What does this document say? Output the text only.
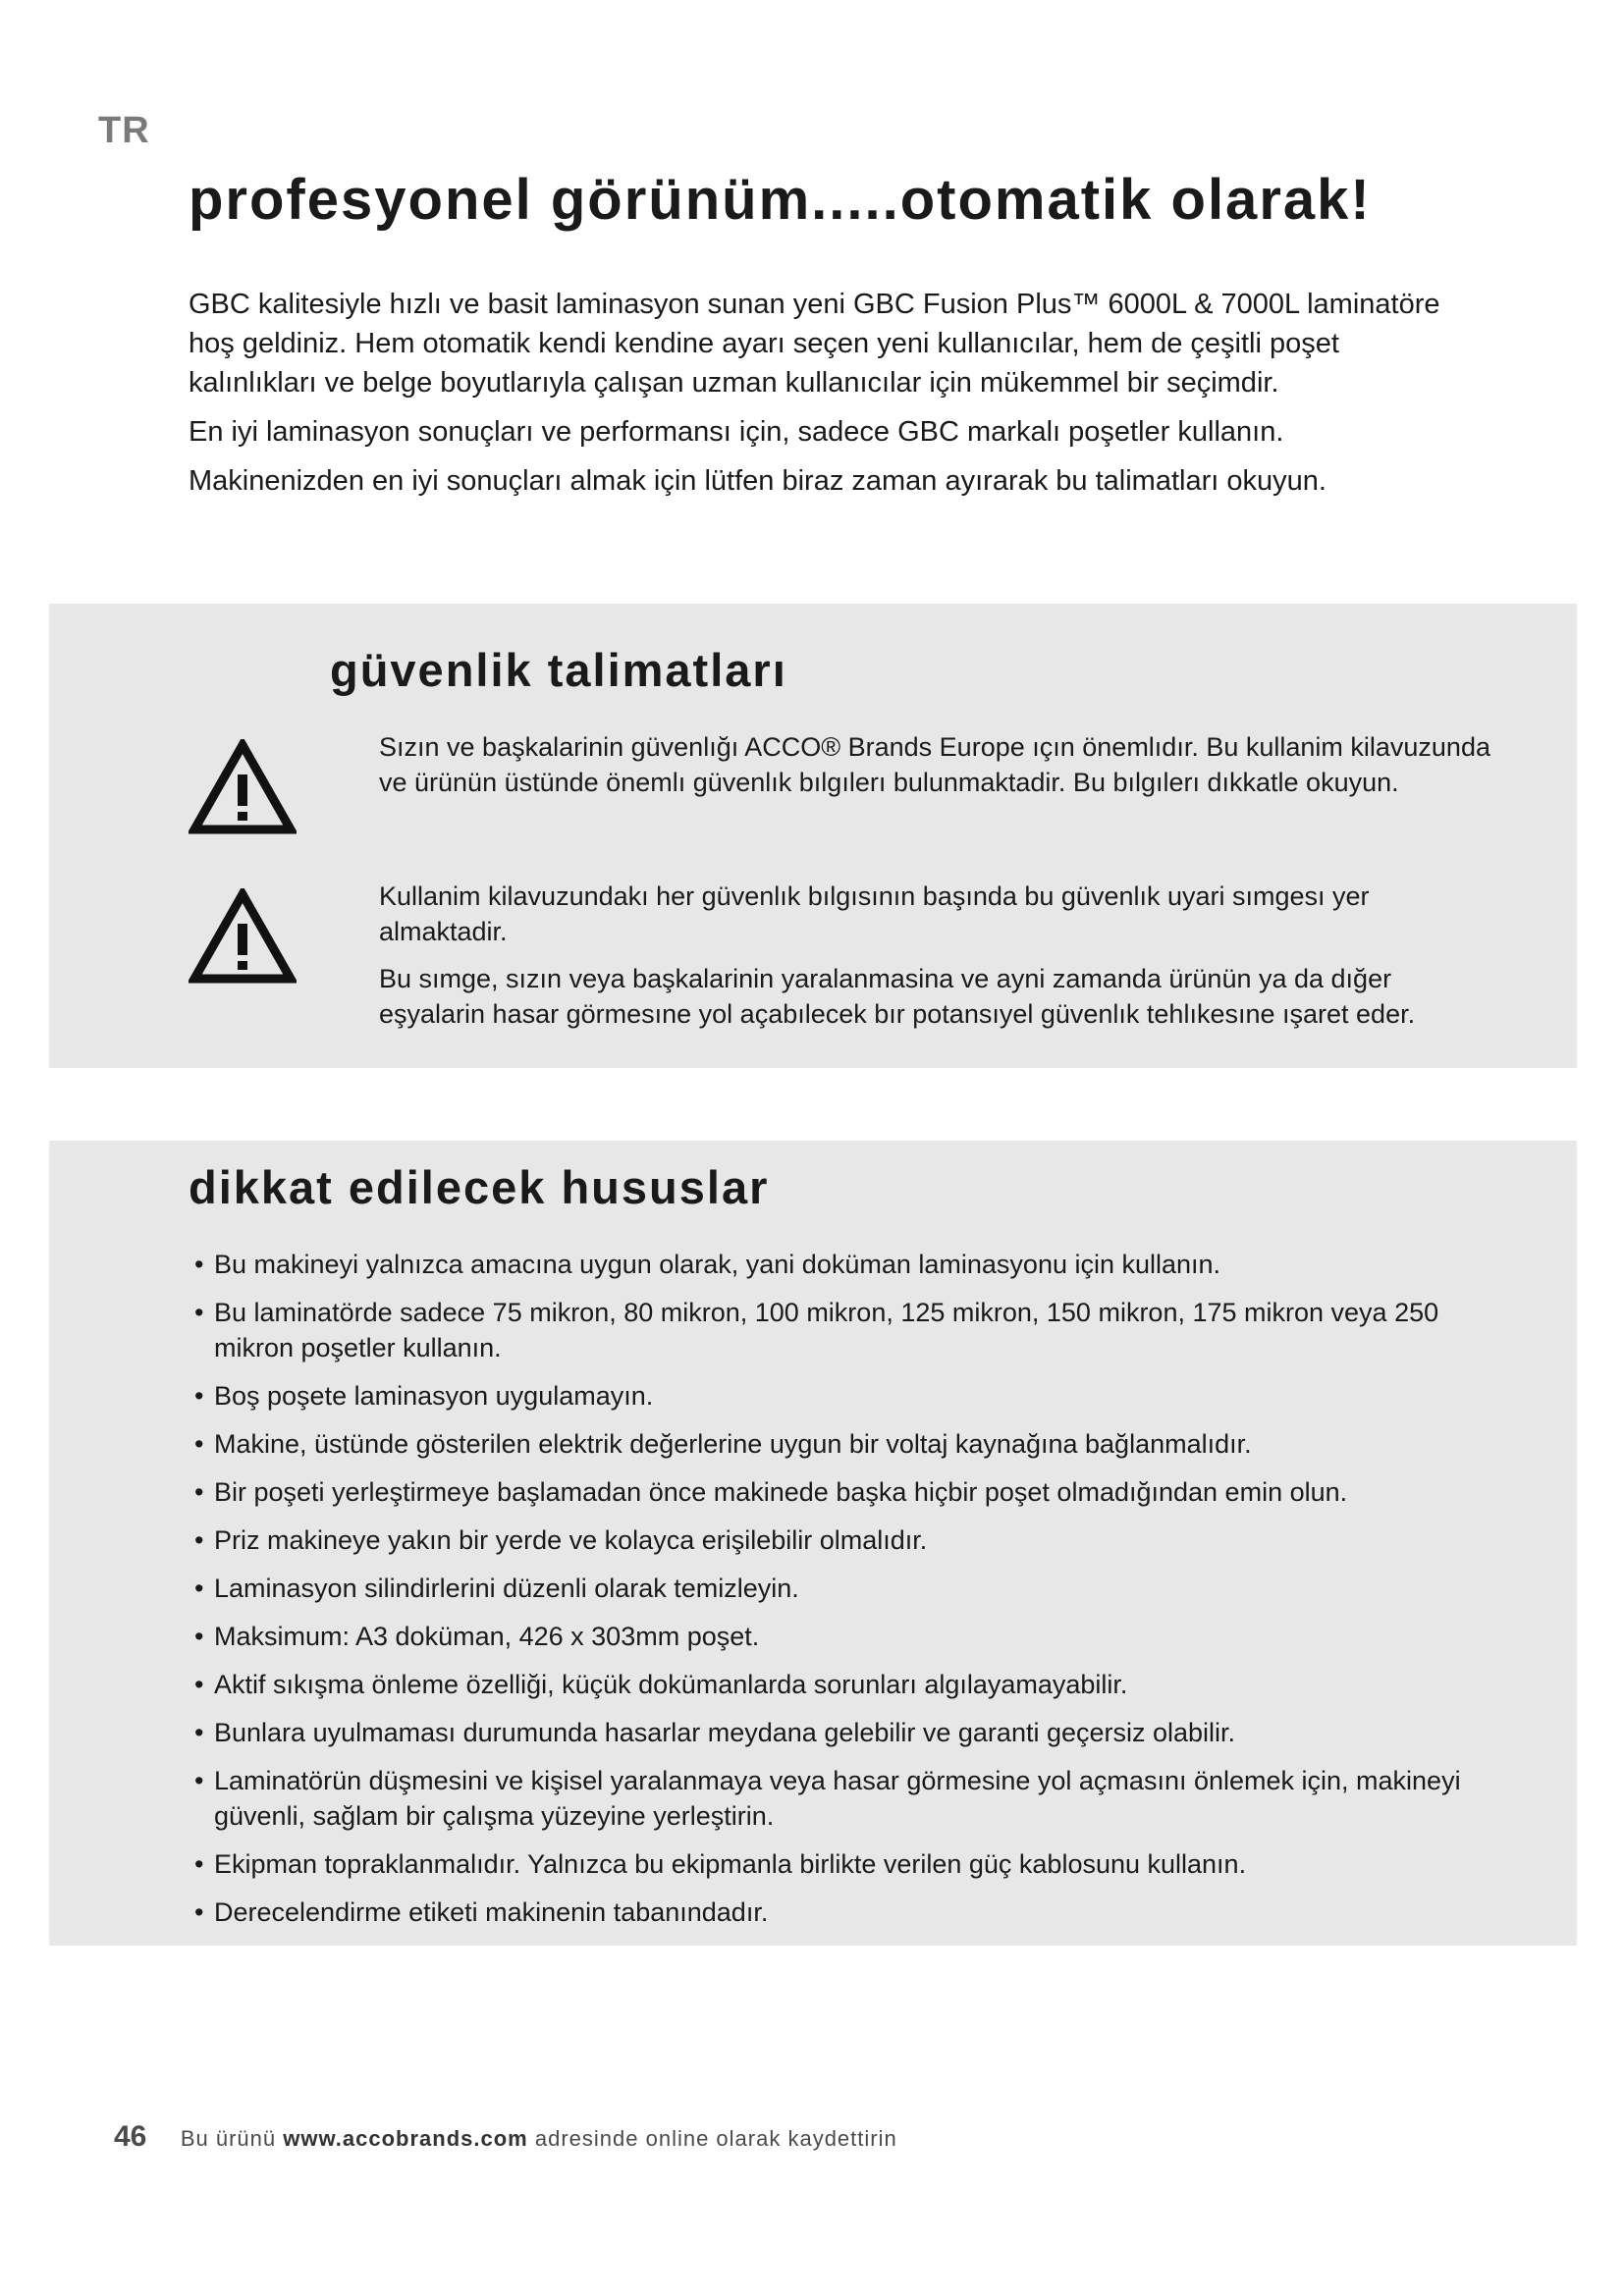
TR
profesyonel görünüm.....otomatik olarak!

GBC kalitesiyle hızlı ve basit laminasyon sunan yeni GBC Fusion Plus™ 6000L & 7000L laminatöre hoş geldiniz. Hem otomatik kendi kendine ayarı seçen yeni kullanıcılar, hem de çeşitli poşet kalınlıkları ve belge boyutlarıyla çalışan uzman kullanıcılar için mükemmel bir seçimdir.

En iyi laminasyon sonuçları ve performansı için, sadece GBC markalı poşetler kullanın.

Makinenizden en iyi sonuçları almak için lütfen biraz zaman ayırarak bu talimatları okuyun.

güvenlik talimatları

Sızın ve başkalarinin güvenlığı ACCO® Brands Europe ıçın önemlıdır. Bu kullanim kilavuzunda ve ürünün üstünde önemlı güvenlık bılgılerı bulunmaktadir. Bu bılgılerı dıkkatle okuyun.

Kullanim kilavuzundakı her güvenlık bılgısının başında bu güvenlık uyari sımgesı yer almaktadir.

Bu sımge, sızın veya başkalarinin yaralanmasina ve ayni zamanda ürünün ya da dığer eşyalarin hasar görmesıne yol açabılecek bır potansıyel güvenlık tehlıkesıne ışaret eder.

dikkat edilecek hususlar
• Bu makineyi yalnızca amacına uygun olarak, yani doküman laminasyonu için kullanın.
• Bu laminatörde sadece 75 mikron, 80 mikron, 100 mikron, 125 mikron, 150 mikron, 175 mikron veya 250 mikron poşetler kullanın.
• Boş poşete laminasyon uygulamayın.
• Makine, üstünde gösterilen elektrik değerlerine uygun bir voltaj kaynağına bağlanmalıdır.
• Bir poşeti yerleştirmeye başlamadan önce makinede başka hiçbir poşet olmadığından emin olun.
• Priz makineye yakın bir yerde ve kolayca erişilebilir olmalıdır.
• Laminasyon silindirlerini düzenli olarak temizleyin.
• Maksimum: A3 doküman, 426 x 303mm poşet.
• Aktif sıkışma önleme özelliği, küçük dokümanlarda sorunları algılayamayabilir.
• Bunlara uyulmaması durumunda hasarlar meydana gelebilir ve garanti geçersiz olabilir.
• Laminatörün düşmesini ve kişisel yaralanmaya veya hasar görmesine yol açmasını önlemek için, makineyi güvenli, sağlam bir çalışma yüzeyine yerleştirin.
• Ekipman topraklanmalıdır. Yalnızca bu ekipmanla birlikte verilen güç kablosunu kullanın.
• Derecelendirme etiketi makinenin tabanındadır.
46 Bu ürünü www.accobrands.com adresinde online olarak kaydettirin
